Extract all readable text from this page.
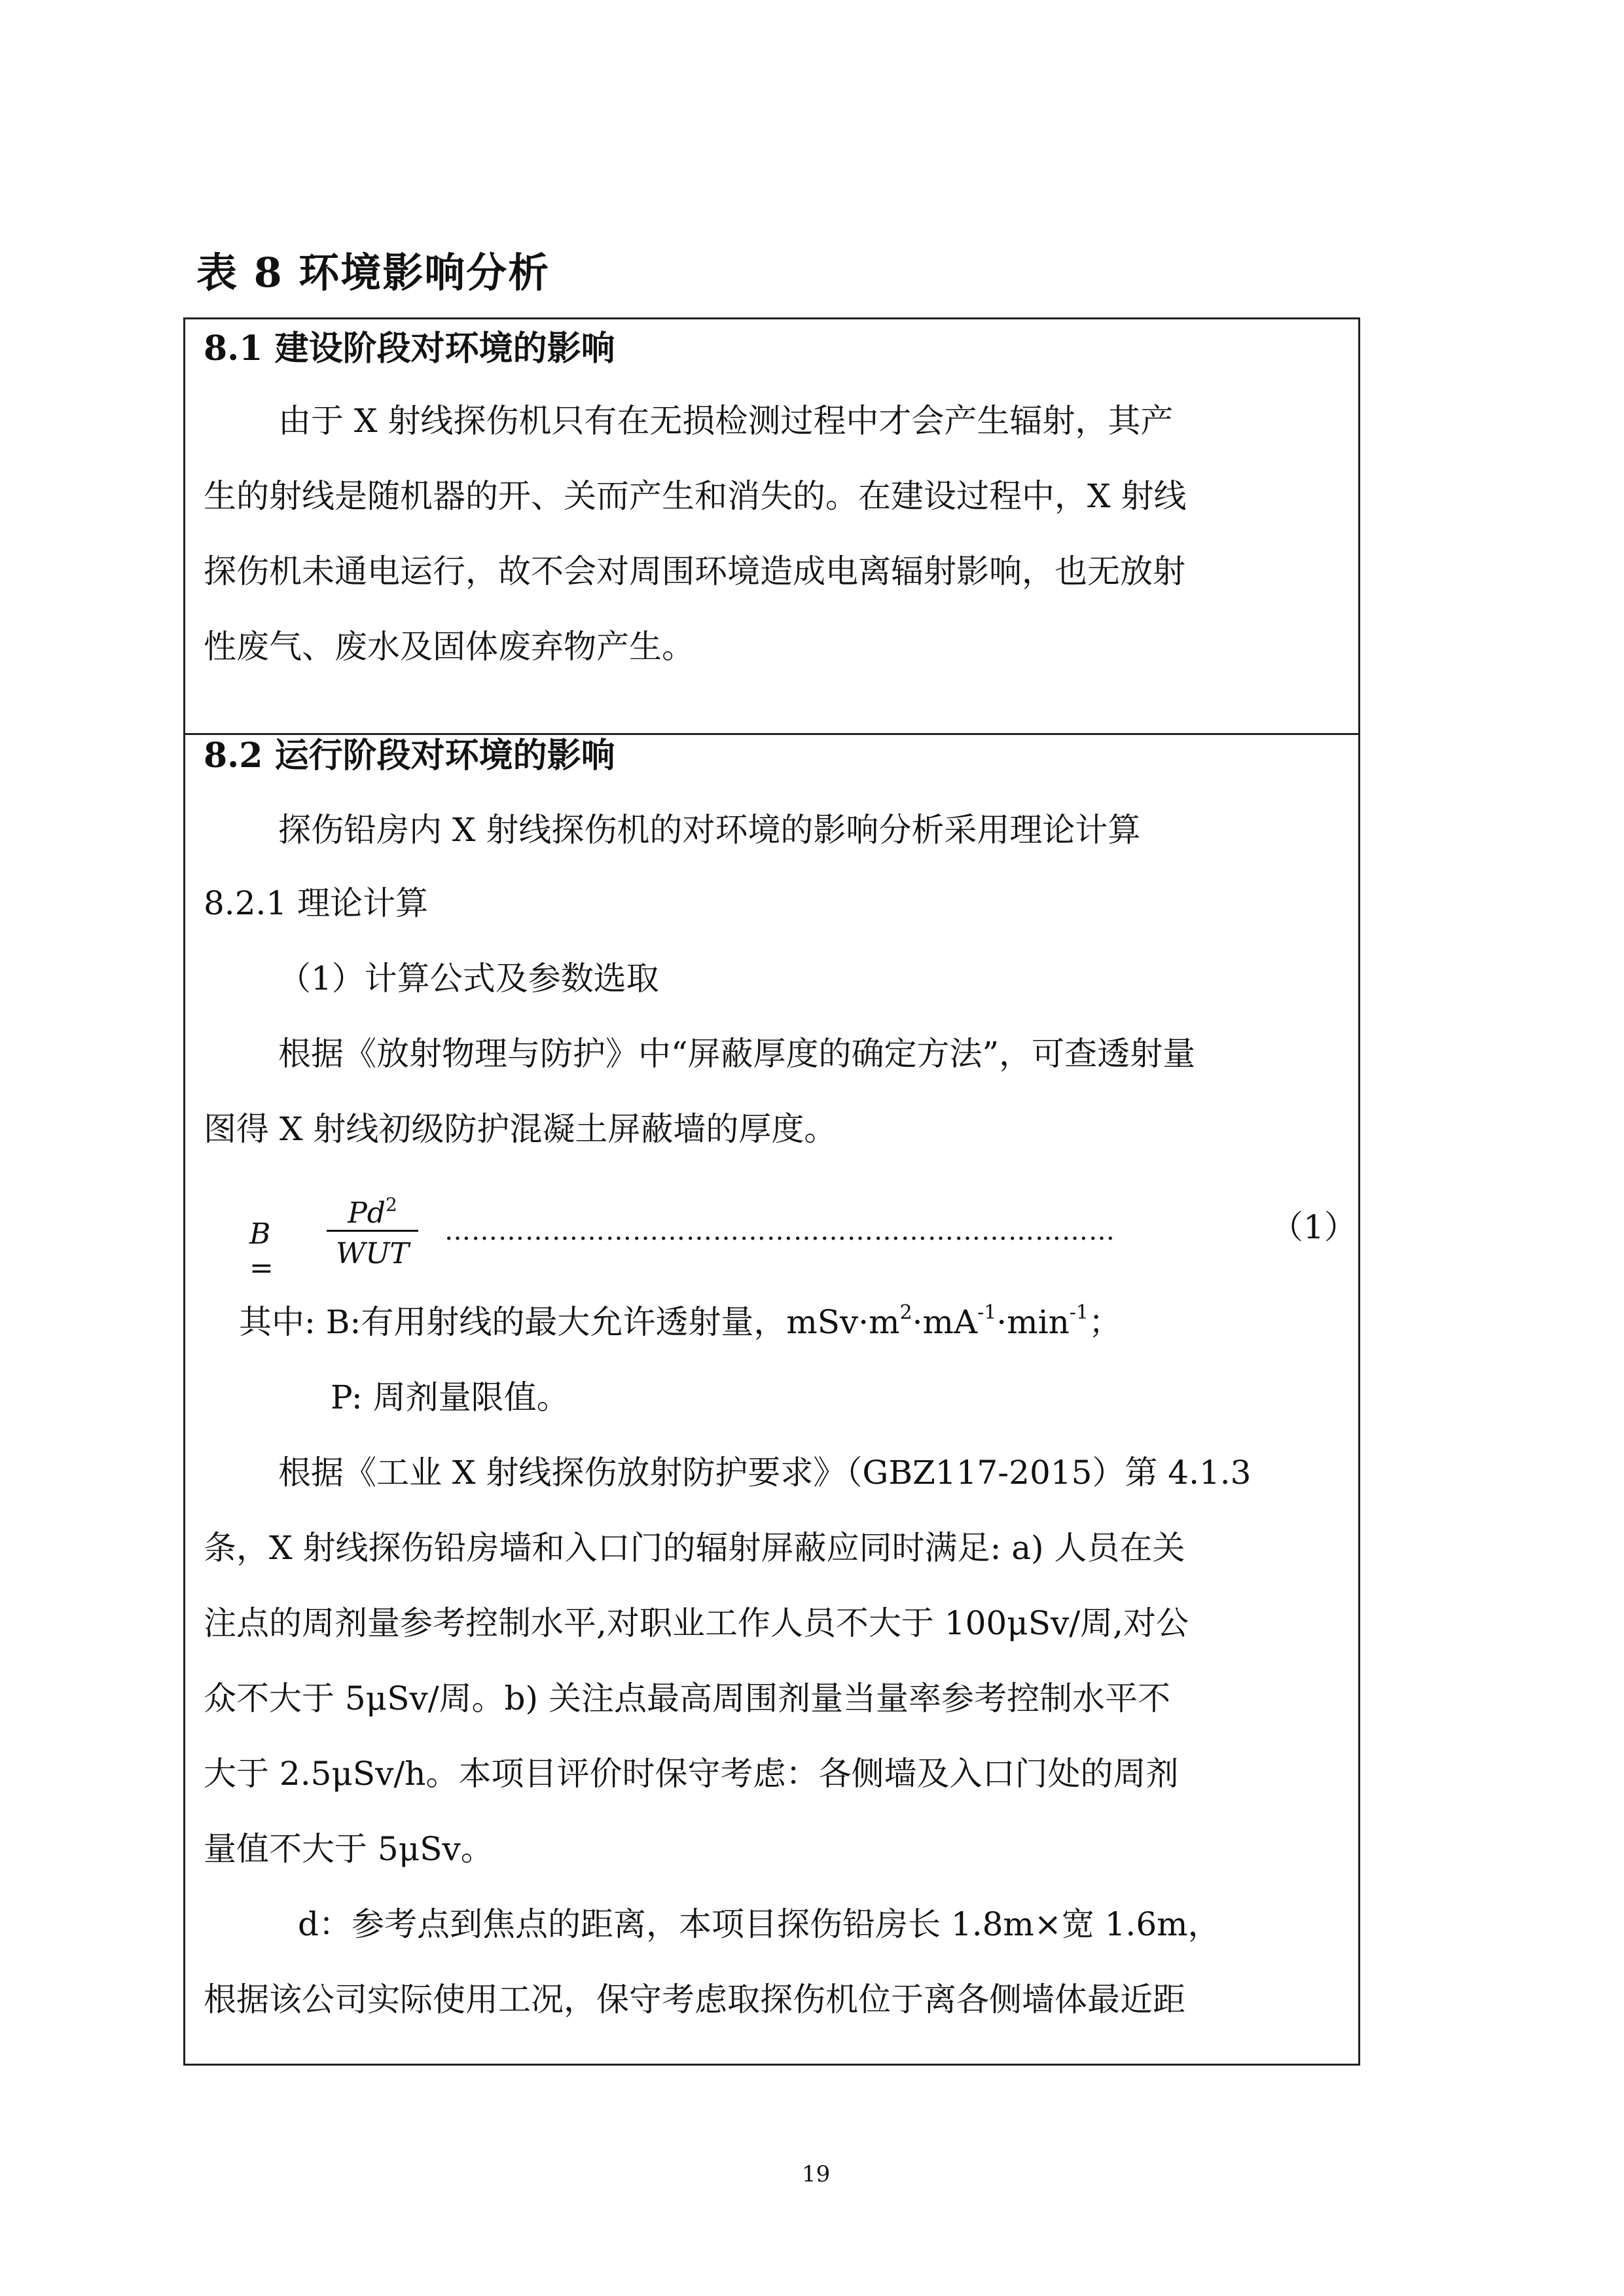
表 8 环境影响分析

8.1 建设阶段对环境的影响

由于 X 射线探伤机只有在无损检测过程中才会产生辐射，其产

生的射线是随机器的开、关而产生和消失的。在建设过程中，X 射线

探伤机未通电运行，故不会对周围环境造成电离辐射影响，也无放射

性废气、废水及固体废弃物产生。

8.2 运行阶段对环境的影响

探伤铅房内 X 射线探伤机的对环境的影响分析采用理论计算

8.2.1 理论计算

（1）计算公式及参数选取

根据《放射物理与防护》中“屏蔽厚度的确定方法”，可查透射量

图得 X 射线初级防护混凝土屏蔽墙的厚度。

B =
$Pd^2$
WUT
…………………………………………………………………	（1）

其中: B:有用射线的最大允许透射量，$mSv\cdot m^2\cdot mA^{-1}\cdot\min^{-1}$；

P: 周剂量限值。

根据《工业 X 射线探伤放射防护要求》（GBZ117-2015）第 4.1.3

条，X 射线探伤铅房墙和入口门的辐射屏蔽应同时满足: a) 人员在关

注点的周剂量参考控制水平,对职业工作人员不大于 100μSv/周,对公

众不大于 5μSv/周。b) 关注点最高周围剂量当量率参考控制水平不

大于 2.5μSv/h。本项目评价时保守考虑：各侧墙及入口门处的周剂

量值不大于 5μSv。

d：参考点到焦点的距离，本项目探伤铅房长 1.8m×宽 1.6m，

根据该公司实际使用工况，保守考虑取探伤机位于离各侧墙体最近距

19
